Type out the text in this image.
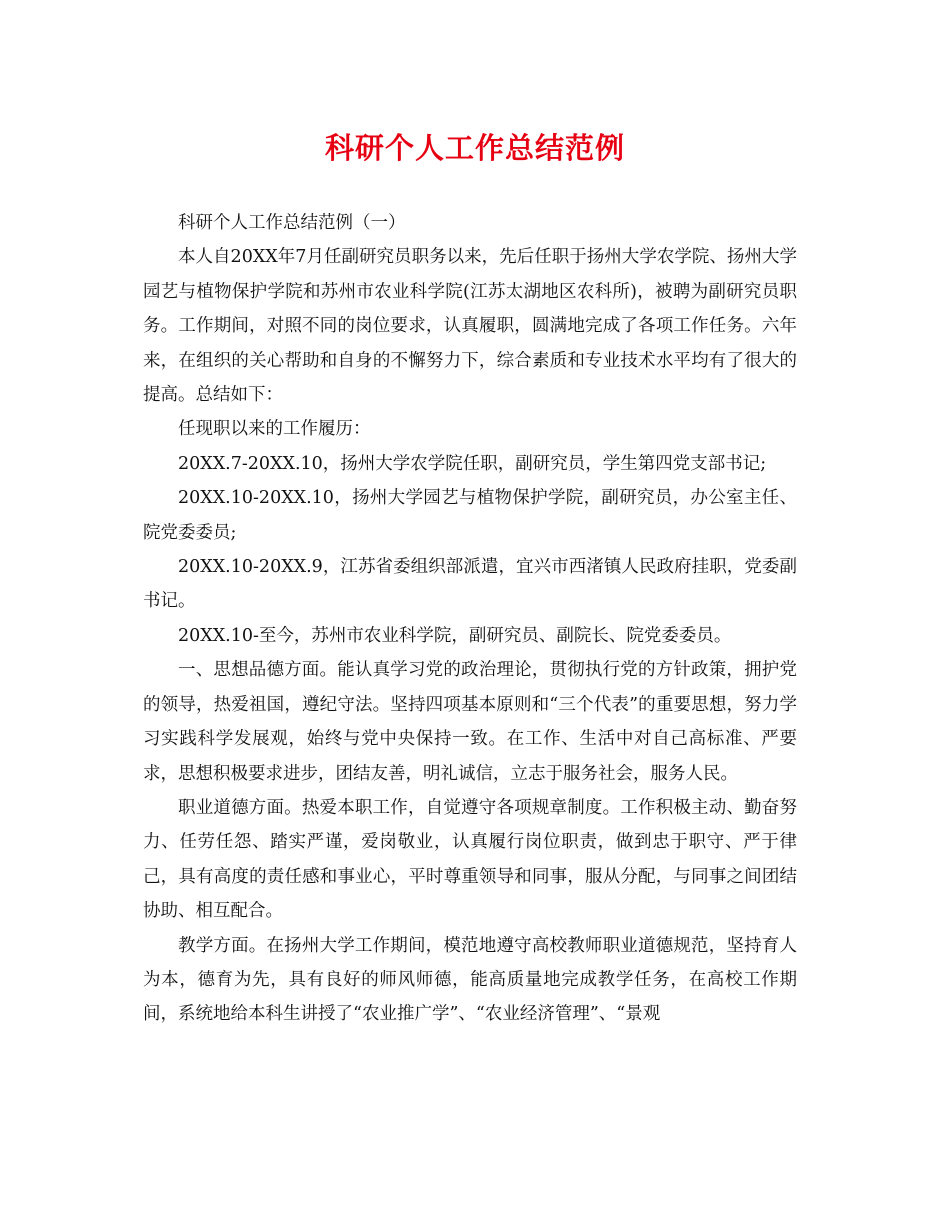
科研个人工作总结范例

科研个人工作总结范例（一）

本人自20XX年7月任副研究员职务以来，先后任职于扬州大学农学院、扬州大学园艺与植物保护学院和苏州市农业科学院(江苏太湖地区农科所)，被聘为副研究员职务。工作期间，对照不同的岗位要求，认真履职，圆满地完成了各项工作任务。六年来，在组织的关心帮助和自身的不懈努力下，综合素质和专业技术水平均有了很大的提高。总结如下：

任现职以来的工作履历：

20XX.7-20XX.10，扬州大学农学院任职，副研究员，学生第四党支部书记;

20XX.10-20XX.10，扬州大学园艺与植物保护学院，副研究员，办公室主任、院党委委员;

20XX.10-20XX.9，江苏省委组织部派遣，宜兴市西渚镇人民政府挂职，党委副书记。

20XX.10-至今，苏州市农业科学院，副研究员、副院长、院党委委员。

一、思想品德方面。能认真学习党的政治理论，贯彻执行党的方针政策，拥护党的领导，热爱祖国，遵纪守法。坚持四项基本原则和“三个代表”的重要思想，努力学习实践科学发展观，始终与党中央保持一致。在工作、生活中对自己高标准、严要求，思想积极要求进步，团结友善，明礼诚信，立志于服务社会，服务人民。

职业道德方面。热爱本职工作，自觉遵守各项规章制度。工作积极主动、勤奋努力、任劳任怨、踏实严谨，爱岗敬业，认真履行岗位职责，做到忠于职守、严于律己，具有高度的责任感和事业心，平时尊重领导和同事，服从分配，与同事之间团结协助、相互配合。

教学方面。在扬州大学工作期间，模范地遵守高校教师职业道德规范，坚持育人为本，德育为先，具有良好的师风师德，能高质量地完成教学任务，在高校工作期间，系统地给本科生讲授了“农业推广学”、“农业经济管理”、“景观
